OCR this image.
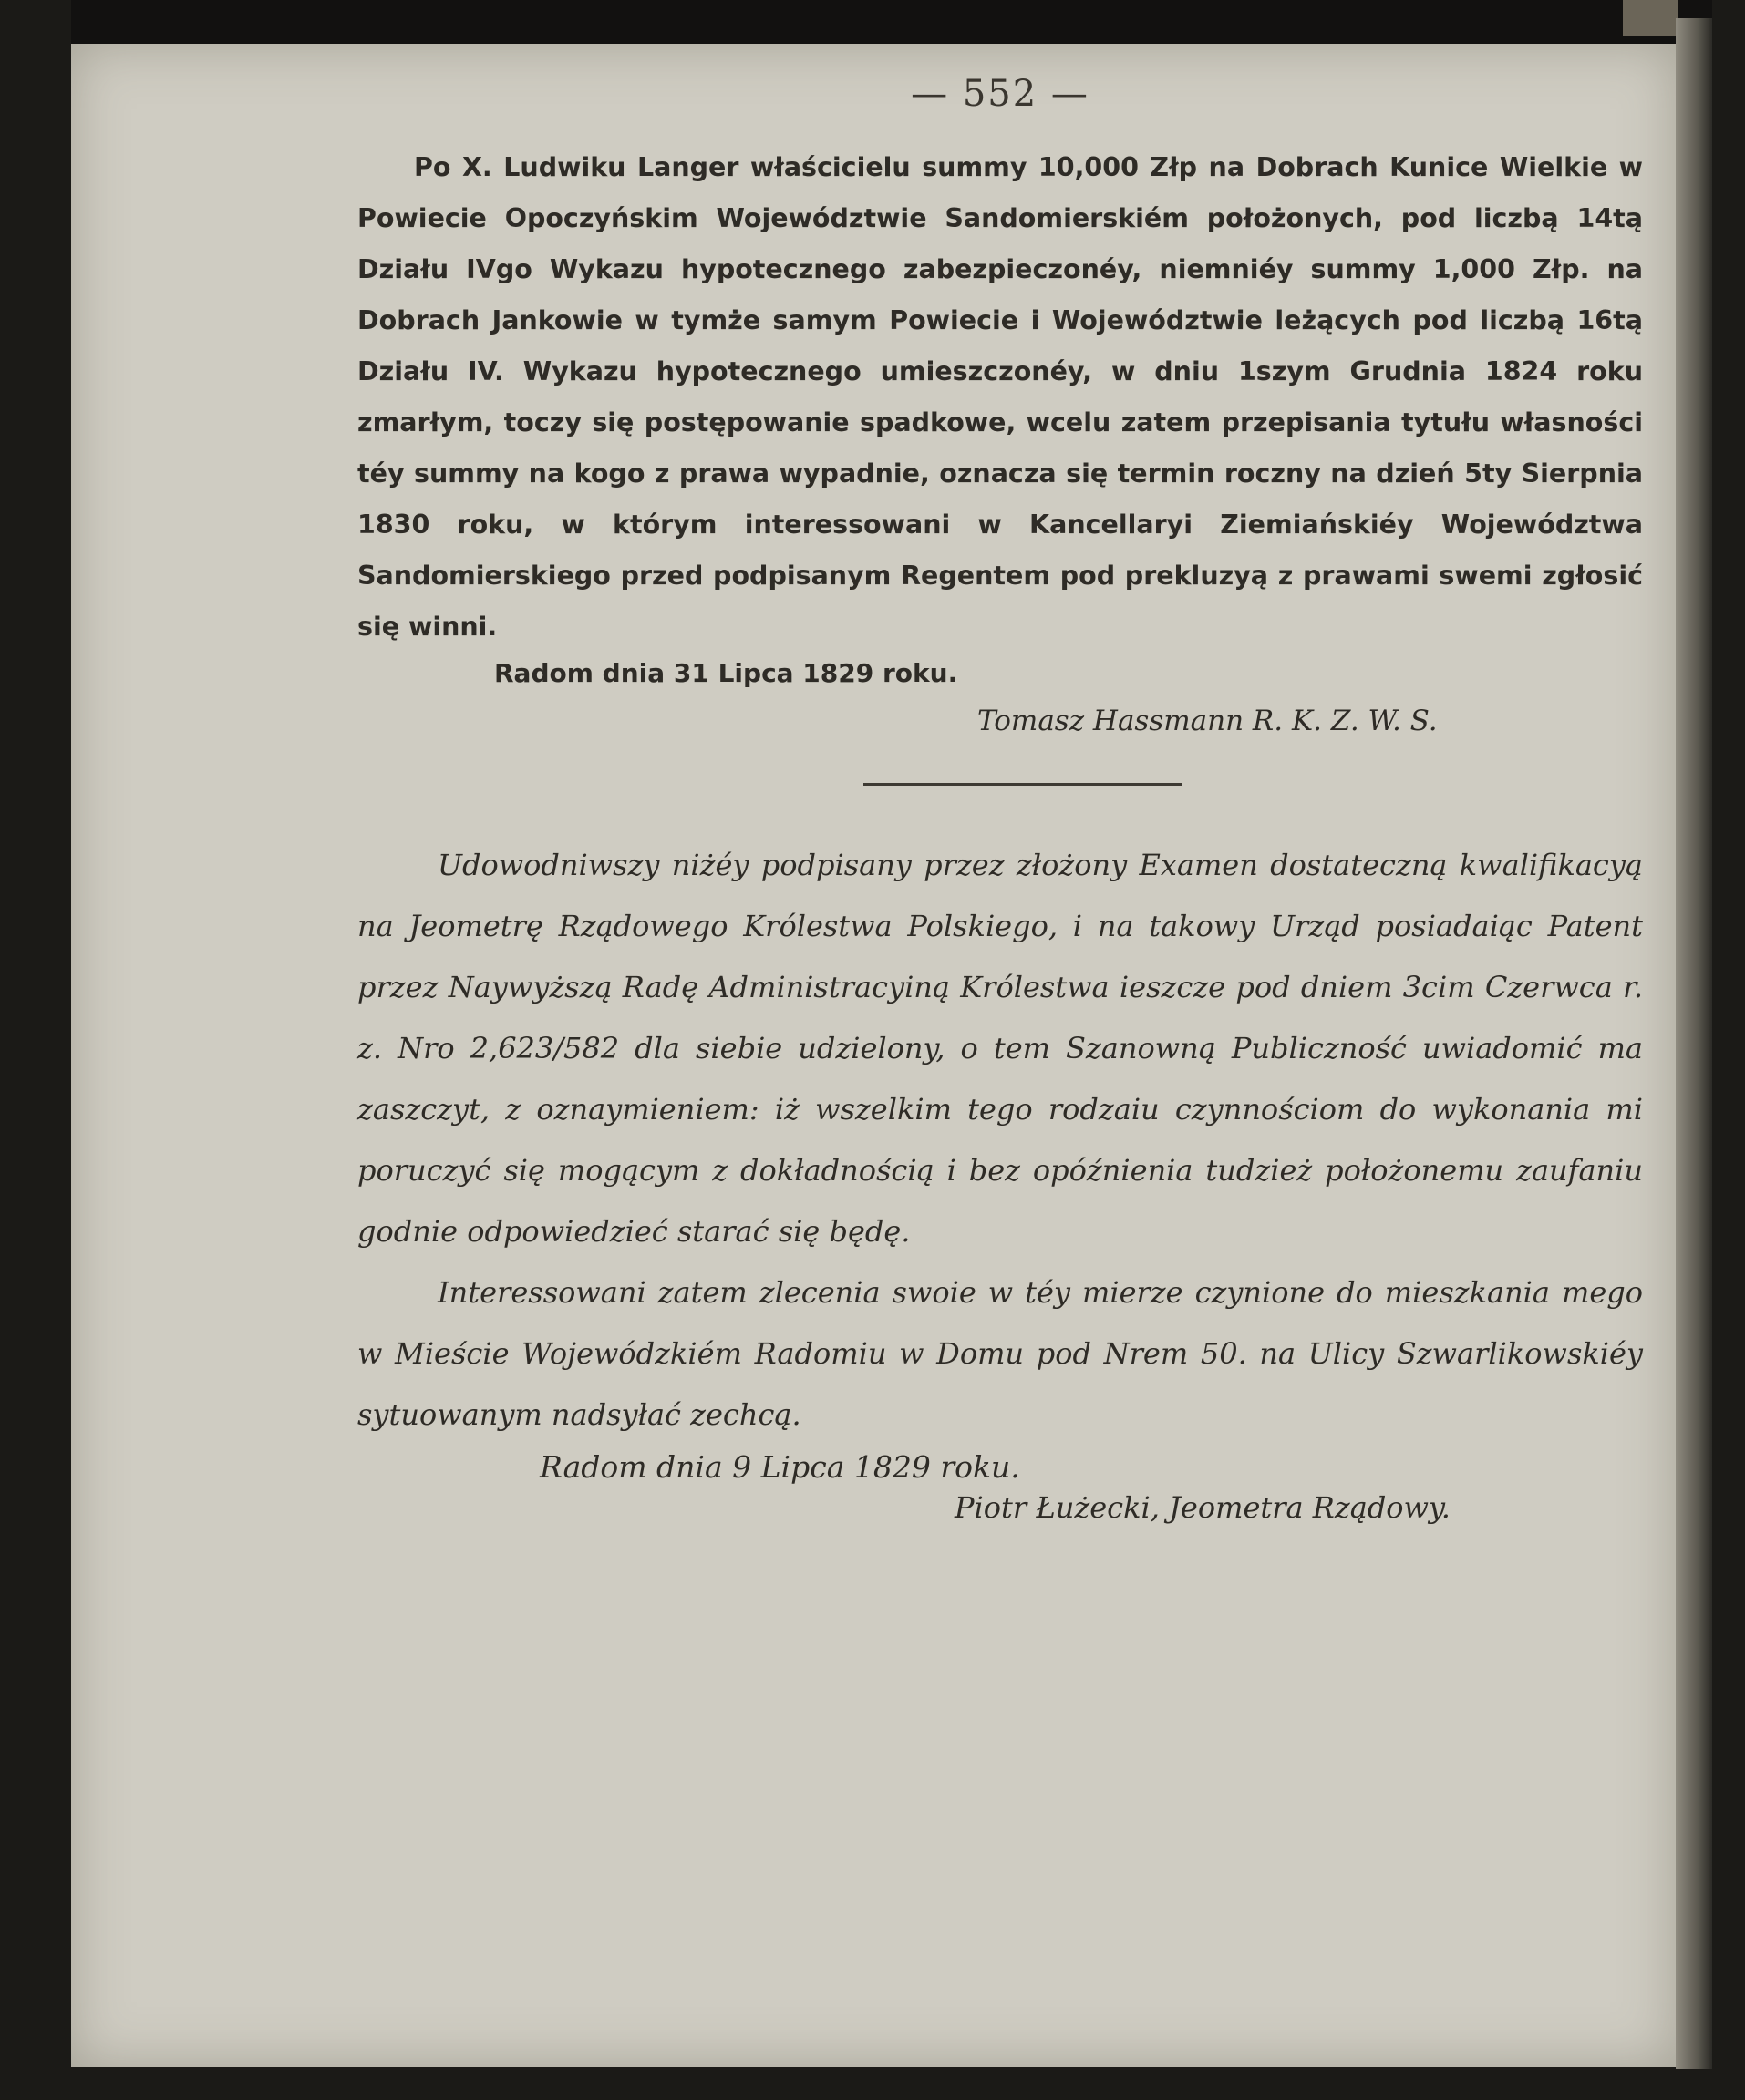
— 552 —

Po X. Ludwiku Langer właścicielu summy 10,000 Złp na Dobrach Kunice Wielkie w Powiecie Opoczyńskim Województwie Sandomierskiém położonych, pod liczbą 14tą Działu IVgo Wykazu hypotecznego zabezpieczonéy, niemniéy summy 1,000 Złp. na Dobrach Jankowie w tymże samym Powiecie i Województwie leżących pod liczbą 16tą Działu IV. Wykazu hypotecznego umieszczonéy, w dniu 1szym Grudnia 1824 roku zmarłym, toczy się postępowanie spadkowe, wcelu zatem przepisania tytułu własności téy summy na kogo z prawa wypadnie, oznacza się termin roczny na dzień 5ty Sierpnia 1830 roku, w którym interessowani w Kancellaryi Ziemiańskiéy Województwa Sandomierskiego przed podpisanym Regentem pod prekluzyą z prawami swemi zgłosić się winni.

Radom dnia 31 Lipca 1829 roku.
Tomasz Hassmann R. K. Z. W. S.

Udowodniwszy niżéy podpisany przez złożony Examen dostateczną kwalifikacyą na Jeometrę Rządowego Królestwa Polskiego, i na takowy Urząd posiadaiąc Patent przez Naywyższą Radę Administracyiną Królestwa ieszcze pod dniem 3cim Czerwca r. z. Nro 2,623/582 dla siebie udzielony, o tem Szanowną Publiczność uwiadomić ma zaszczyt, z oznaymieniem: iż wszelkim tego rodzaiu czynnościom do wykonania mi poruczyć się mogącym z dokładnością i bez opóźnienia tudzież położonemu zaufaniu godnie odpowiedzieć starać się będę.

Interessowani zatem zlecenia swoie w téy mierze czynione do mieszkania mego w Mieście Wojewódzkiém Radomiu w Domu pod Nrem 50. na Ulicy Szwarlikowskiéy sytuowanym nadsyłać zechcą.

Radom dnia 9 Lipca 1829 roku.
Piotr Łużecki, Jeometra Rządowy.
